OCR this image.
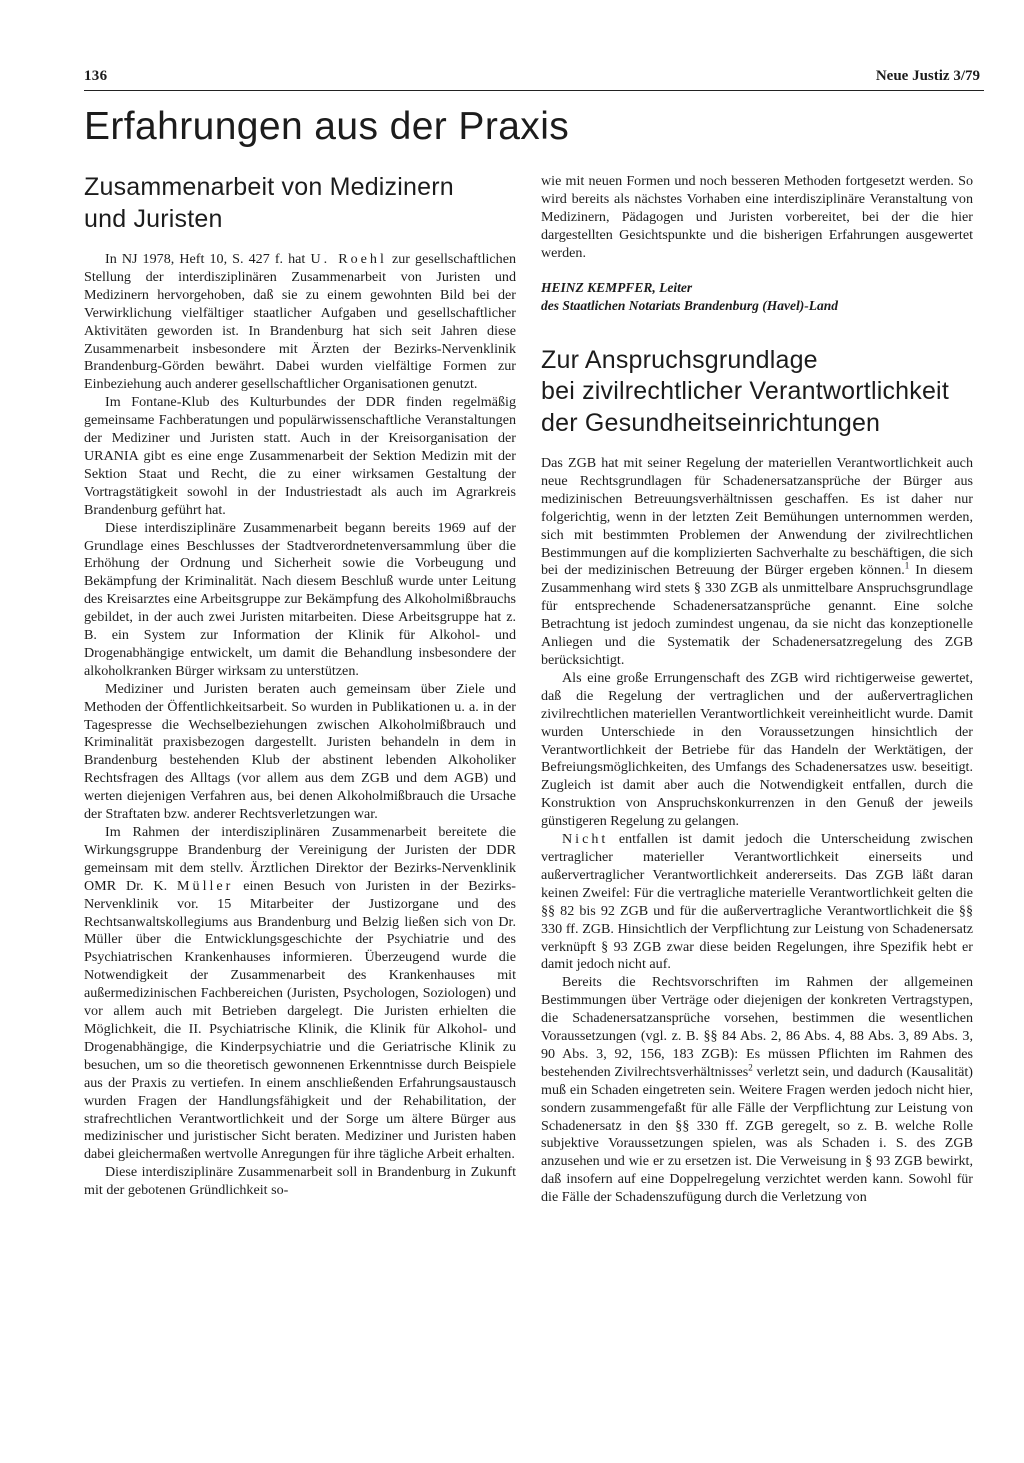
136	Neue Justiz 3/79
Erfahrungen aus der Praxis
Zusammenarbeit von Medizinern
und Juristen

In NJ 1978, Heft 10, S. 427 f. hat U. Roehl zur gesellschaftlichen Stellung der interdisziplinären Zusammenarbeit von Juristen und Medizinern hervorgehoben, daß sie zu einem gewohnten Bild bei der Verwirklichung vielfältiger staatlicher Aufgaben und gesellschaftlicher Aktivitäten geworden ist. In Brandenburg hat sich seit Jahren diese Zusammenarbeit insbesondere mit Ärzten der Bezirks-Nervenklinik Brandenburg-Görden bewährt. Dabei wurden vielfältige Formen zur Einbeziehung auch anderer gesellschaftlicher Organisationen genutzt.

Im Fontane-Klub des Kulturbundes der DDR finden regelmäßig gemeinsame Fachberatungen und populärwissenschaftliche Veranstaltungen der Mediziner und Juristen statt. Auch in der Kreisorganisation der URANIA gibt es eine enge Zusammenarbeit der Sektion Medizin mit der Sektion Staat und Recht, die zu einer wirksamen Gestaltung der Vortragstätigkeit sowohl in der Industriestadt als auch im Agrarkreis Brandenburg geführt hat.

Diese interdisziplinäre Zusammenarbeit begann bereits 1969 auf der Grundlage eines Beschlusses der Stadtverordnetenversammlung über die Erhöhung der Ordnung und Sicherheit sowie die Vorbeugung und Bekämpfung der Kriminalität. Nach diesem Beschluß wurde unter Leitung des Kreisarztes eine Arbeitsgruppe zur Bekämpfung des Alkoholmißbrauchs gebildet, in der auch zwei Juristen mitarbeiten. Diese Arbeitsgruppe hat z. B. ein System zur Information der Klinik für Alkohol- und Drogenabhängige entwickelt, um damit die Behandlung insbesondere der alkoholkranken Bürger wirksam zu unterstützen.

Mediziner und Juristen beraten auch gemeinsam über Ziele und Methoden der Öffentlichkeitsarbeit. So wurden in Publikationen u. a. in der Tagespresse die Wechselbeziehungen zwischen Alkoholmißbrauch und Kriminalität praxisbezogen dargestellt. Juristen behandeln in dem in Brandenburg bestehenden Klub der abstinent lebenden Alkoholiker Rechtsfragen des Alltags (vor allem aus dem ZGB und dem AGB) und werten diejenigen Verfahren aus, bei denen Alkoholmißbrauch die Ursache der Straftaten bzw. anderer Rechtsverletzungen war.

Im Rahmen der interdisziplinären Zusammenarbeit bereitete die Wirkungsgruppe Brandenburg der Vereinigung der Juristen der DDR gemeinsam mit dem stellv. Ärztlichen Direktor der Bezirks-Nervenklinik OMR Dr. K. Müller einen Besuch von Juristen in der Bezirks-Nervenklinik vor. 15 Mitarbeiter der Justizorgane und des Rechtsanwaltskollegiums aus Brandenburg und Belzig ließen sich von Dr. Müller über die Entwicklungsgeschichte der Psychiatrie und des Psychiatrischen Krankenhauses informieren. Überzeugend wurde die Notwendigkeit der Zusammenarbeit des Krankenhauses mit außermedizinischen Fachbereichen (Juristen, Psychologen, Soziologen) und vor allem auch mit Betrieben dargelegt. Die Juristen erhielten die Möglichkeit, die II. Psychiatrische Klinik, die Klinik für Alkohol- und Drogenabhängige, die Kinderpsychiatrie und die Geriatrische Klinik zu besuchen, um so die theoretisch gewonnenen Erkenntnisse durch Beispiele aus der Praxis zu vertiefen. In einem anschließenden Erfahrungsaustausch wurden Fragen der Handlungsfähigkeit und der Rehabilitation, der strafrechtlichen Verantwortlichkeit und der Sorge um ältere Bürger aus medizinischer und juristischer Sicht beraten. Mediziner und Juristen haben dabei gleichermaßen wertvolle Anregungen für ihre tägliche Arbeit erhalten.

Diese interdisziplinäre Zusammenarbeit soll in Brandenburg in Zukunft mit der gebotenen Gründlichkeit so-

wie mit neuen Formen und noch besseren Methoden fortgesetzt werden. So wird bereits als nächstes Vorhaben eine interdisziplinäre Veranstaltung von Medizinern, Pädagogen und Juristen vorbereitet, bei der die hier dargestellten Gesichtspunkte und die bisherigen Erfahrungen ausgewertet werden.

HEINZ KEMPFER, Leiter
des Staatlichen Notariats Brandenburg (Havel)-Land
Zur Anspruchsgrundlage
bei zivilrechtlicher Verantwortlichkeit
der Gesundheitseinrichtungen

Das ZGB hat mit seiner Regelung der materiellen Verantwortlichkeit auch neue Rechtsgrundlagen für Schadenersatzansprüche der Bürger aus medizinischen Betreuungsverhältnissen geschaffen. Es ist daher nur folgerichtig, wenn in der letzten Zeit Bemühungen unternommen werden, sich mit bestimmten Problemen der Anwendung der zivilrechtlichen Bestimmungen auf die komplizierten Sachverhalte zu beschäftigen, die sich bei der medizinischen Betreuung der Bürger ergeben können.$^1$ In diesem Zusammenhang wird stets § 330 ZGB als unmittelbare Anspruchsgrundlage für entsprechende Schadenersatzansprüche genannt. Eine solche Betrachtung ist jedoch zumindest ungenau, da sie nicht das konzeptionelle Anliegen und die Systematik der Schadenersatzregelung des ZGB berücksichtigt.

Als eine große Errungenschaft des ZGB wird richtigerweise gewertet, daß die Regelung der vertraglichen und der außervertraglichen zivilrechtlichen materiellen Verantwortlichkeit vereinheitlicht wurde. Damit wurden Unterschiede in den Voraussetzungen hinsichtlich der Verantwortlichkeit der Betriebe für das Handeln der Werktätigen, der Befreiungsmöglichkeiten, des Umfangs des Schadenersatzes usw. beseitigt. Zugleich ist damit aber auch die Notwendigkeit entfallen, durch die Konstruktion von Anspruchskonkurrenzen in den Genuß der jeweils günstigeren Regelung zu gelangen.

Nicht entfallen ist damit jedoch die Unterscheidung zwischen vertraglicher materieller Verantwortlichkeit einerseits und außervertraglicher Verantwortlichkeit andererseits. Das ZGB läßt daran keinen Zweifel: Für die vertragliche materielle Verantwortlichkeit gelten die §§ 82 bis 92 ZGB und für die außervertragliche Verantwortlichkeit die §§ 330 ff. ZGB. Hinsichtlich der Verpflichtung zur Leistung von Schadenersatz verknüpft § 93 ZGB zwar diese beiden Regelungen, ihre Spezifik hebt er damit jedoch nicht auf.

Bereits die Rechtsvorschriften im Rahmen der allgemeinen Bestimmungen über Verträge oder diejenigen der konkreten Vertragstypen, die Schadenersatzansprüche vorsehen, bestimmen die wesentlichen Voraussetzungen (vgl. z. B. §§ 84 Abs. 2, 86 Abs. 4, 88 Abs. 3, 89 Abs. 3, 90 Abs. 3, 92, 156, 183 ZGB): Es müssen Pflichten im Rahmen des bestehenden Zivilrechtsverhältnisses$^2$ verletzt sein, und dadurch (Kausalität) muß ein Schaden eingetreten sein. Weitere Fragen werden jedoch nicht hier, sondern zusammengefaßt für alle Fälle der Verpflichtung zur Leistung von Schadenersatz in den §§ 330 ff. ZGB geregelt, so z. B. welche Rolle subjektive Voraussetzungen spielen, was als Schaden i. S. des ZGB anzusehen und wie er zu ersetzen ist. Die Verweisung in § 93 ZGB bewirkt, daß insofern auf eine Doppelregelung verzichtet werden kann. Sowohl für die Fälle der Schadenszufügung durch die Verletzung von
